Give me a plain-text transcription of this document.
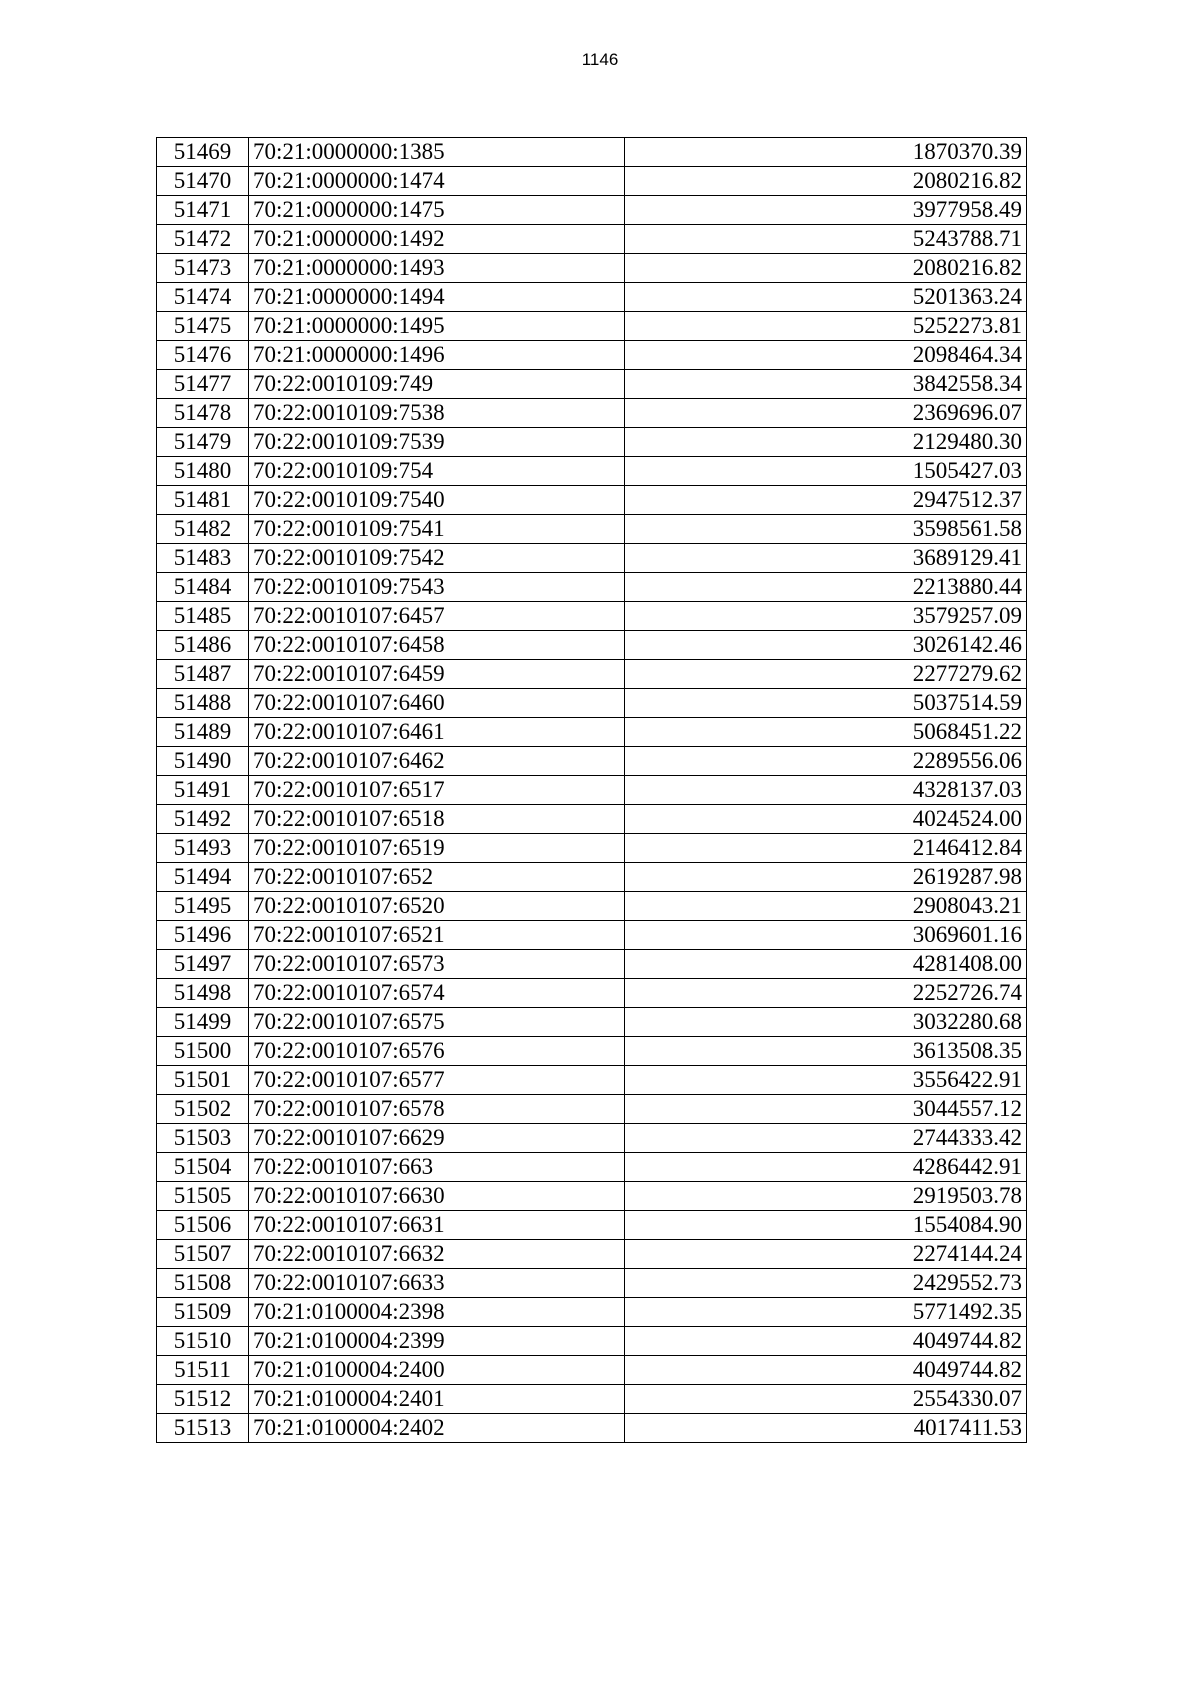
1146
51469	70:21:0000000:1385	1870370.39
51470	70:21:0000000:1474	2080216.82
51471	70:21:0000000:1475	3977958.49
51472	70:21:0000000:1492	5243788.71
51473	70:21:0000000:1493	2080216.82
51474	70:21:0000000:1494	5201363.24
51475	70:21:0000000:1495	5252273.81
51476	70:21:0000000:1496	2098464.34
51477	70:22:0010109:749	3842558.34
51478	70:22:0010109:7538	2369696.07
51479	70:22:0010109:7539	2129480.30
51480	70:22:0010109:754	1505427.03
51481	70:22:0010109:7540	2947512.37
51482	70:22:0010109:7541	3598561.58
51483	70:22:0010109:7542	3689129.41
51484	70:22:0010109:7543	2213880.44
51485	70:22:0010107:6457	3579257.09
51486	70:22:0010107:6458	3026142.46
51487	70:22:0010107:6459	2277279.62
51488	70:22:0010107:6460	5037514.59
51489	70:22:0010107:6461	5068451.22
51490	70:22:0010107:6462	2289556.06
51491	70:22:0010107:6517	4328137.03
51492	70:22:0010107:6518	4024524.00
51493	70:22:0010107:6519	2146412.84
51494	70:22:0010107:652	2619287.98
51495	70:22:0010107:6520	2908043.21
51496	70:22:0010107:6521	3069601.16
51497	70:22:0010107:6573	4281408.00
51498	70:22:0010107:6574	2252726.74
51499	70:22:0010107:6575	3032280.68
51500	70:22:0010107:6576	3613508.35
51501	70:22:0010107:6577	3556422.91
51502	70:22:0010107:6578	3044557.12
51503	70:22:0010107:6629	2744333.42
51504	70:22:0010107:663	4286442.91
51505	70:22:0010107:6630	2919503.78
51506	70:22:0010107:6631	1554084.90
51507	70:22:0010107:6632	2274144.24
51508	70:22:0010107:6633	2429552.73
51509	70:21:0100004:2398	5771492.35
51510	70:21:0100004:2399	4049744.82
51511	70:21:0100004:2400	4049744.82
51512	70:21:0100004:2401	2554330.07
51513	70:21:0100004:2402	4017411.53
